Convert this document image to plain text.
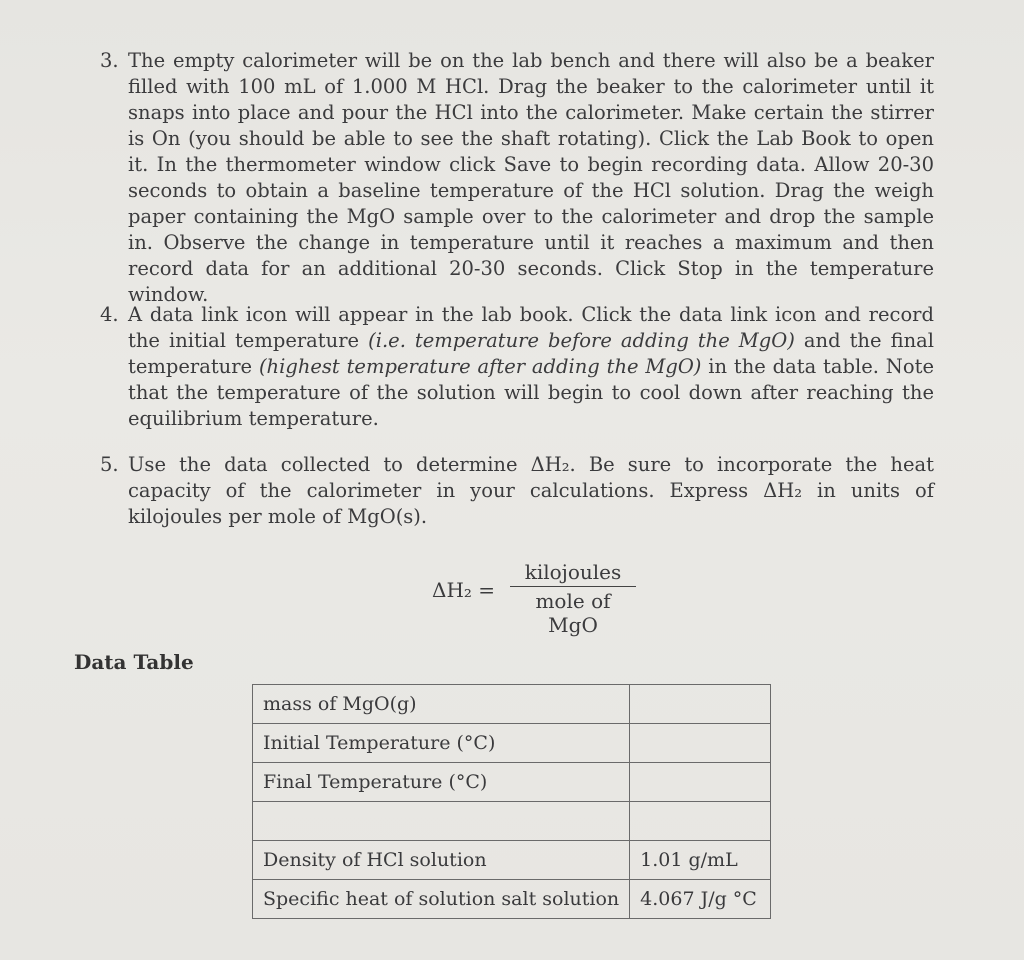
3. The empty calorimeter will be on the lab bench and there will also be a beaker filled with 100 mL of 1.000 M HCl. Drag the beaker to the calorimeter until it snaps into place and pour the HCl into the calorimeter. Make certain the stirrer is On (you should be able to see the shaft rotating). Click the Lab Book to open it. In the thermometer window click Save to begin recording data. Allow 20-30 seconds to obtain a baseline temperature of the HCl solution. Drag the weigh paper containing the MgO sample over to the calorimeter and drop the sample in. Observe the change in temperature until it reaches a maximum and then record data for an additional 20-30 seconds. Click Stop in the temperature window.
4. A data link icon will appear in the lab book. Click the data link icon and record the initial temperature (i.e. temperature before adding the MgO) and the final temperature (highest temperature after adding the MgO) in the data table. Note that the temperature of the solution will begin to cool down after reaching the equilibrium temperature.
5. Use the data collected to determine ΔH₂. Be sure to incorporate the heat capacity of the calorimeter in your calculations. Express ΔH₂ in units of kilojoules per mole of MgO(s).
ΔH₂ =
kilojoules
mole of MgO
Data Table
mass of MgO(g)	
Initial Temperature (°C)	
Final Temperature (°C)	

Density of HCl solution	1.01 g/mL
Specific heat of solution salt solution	4.067 J/g °C
